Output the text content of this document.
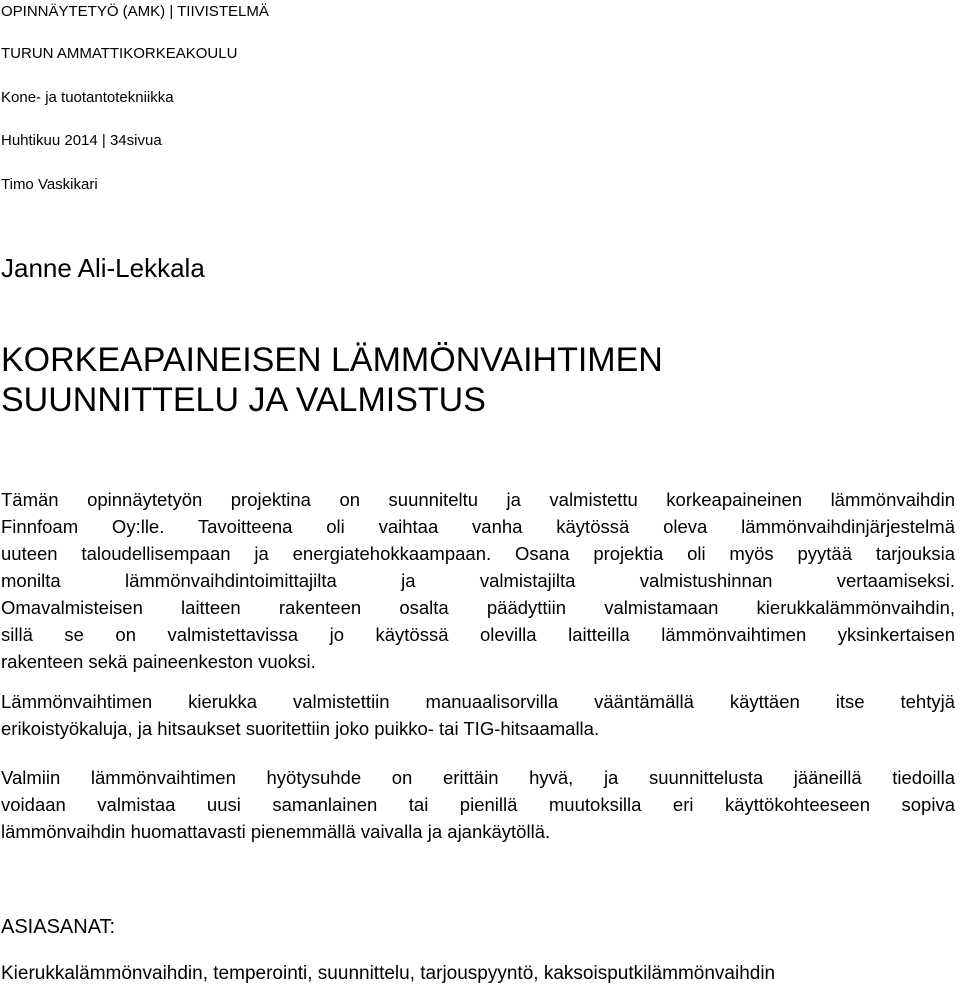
OPINNÄYTETYÖ (AMK) | TIIVISTELMÄ
TURUN AMMATTIKORKEAKOULU
Kone- ja tuotantotekniikka
Huhtikuu 2014 | 34sivua
Timo Vaskikari
Janne Ali-Lekkala
KORKEAPAINEISEN LÄMMÖNVAIHTIMEN
SUUNNITTELU JA VALMISTUS

Tämän opinnäytetyön projektina on suunniteltu ja valmistettu korkeapaineinen lämmönvaihdin
Finnfoam Oy:lle. Tavoitteena oli vaihtaa vanha käytössä oleva lämmönvaihdinjärjestelmä
uuteen taloudellisempaan ja energiatehokkaampaan. Osana projektia oli myös pyytää tarjouksia
monilta lämmönvaihdintoimittajilta ja valmistajilta valmistushinnan vertaamiseksi.
Omavalmisteisen laitteen rakenteen osalta päädyttiin valmistamaan kierukkalämmönvaihdin,
sillä se on valmistettavissa jo käytössä olevilla laitteilla lämmönvaihtimen yksinkertaisen
rakenteen sekä paineenkeston vuoksi.

Lämmönvaihtimen kierukka valmistettiin manuaalisorvilla vääntämällä käyttäen itse tehtyjä
erikoistyökaluja, ja hitsaukset suoritettiin joko puikko- tai TIG-hitsaamalla.

Valmiin lämmönvaihtimen hyötysuhde on erittäin hyvä, ja suunnittelusta jääneillä tiedoilla
voidaan valmistaa uusi samanlainen tai pienillä muutoksilla eri käyttökohteeseen sopiva
lämmönvaihdin huomattavasti pienemmällä vaivalla ja ajankäytöllä.

ASIASANAT:
Kierukkalämmönvaihdin, temperointi, suunnittelu, tarjouspyyntö, kaksoisputkilämmönvaihdin
